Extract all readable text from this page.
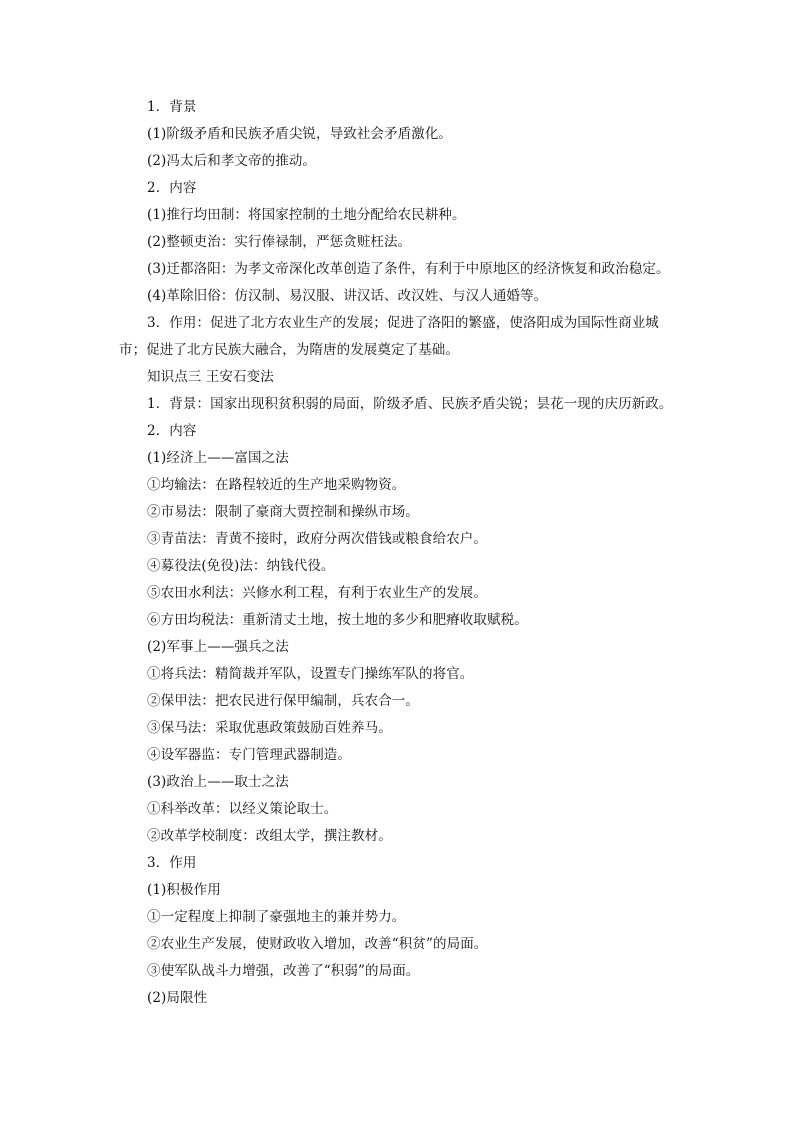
1．背景
(1)阶级矛盾和民族矛盾尖锐，导致社会矛盾激化。
(2)冯太后和孝文帝的推动。
2．内容
(1)推行均田制：将国家控制的土地分配给农民耕种。
(2)整顿吏治：实行俸禄制，严惩贪赃枉法。
(3)迁都洛阳：为孝文帝深化改革创造了条件，有利于中原地区的经济恢复和政治稳定。
(4)革除旧俗：仿汉制、易汉服、讲汉话、改汉姓、与汉人通婚等。
3．作用：促进了北方农业生产的发展；促进了洛阳的繁盛，使洛阳成为国际性商业城市；促进了北方民族大融合，为隋唐的发展奠定了基础。
知识点三 王安石变法
1．背景：国家出现积贫积弱的局面，阶级矛盾、民族矛盾尖锐；昙花一现的庆历新政。
2．内容
(1)经济上——富国之法
①均输法：在路程较近的生产地采购物资。
②市易法：限制了豪商大贾控制和操纵市场。
③青苗法：青黄不接时，政府分两次借钱或粮食给农户。
④募役法(免役)法：纳钱代役。
⑤农田水利法：兴修水利工程，有利于农业生产的发展。
⑥方田均税法：重新清丈土地，按土地的多少和肥瘠收取赋税。
(2)军事上——强兵之法
①将兵法：精简裁并军队，设置专门操练军队的将官。
②保甲法：把农民进行保甲编制，兵农合一。
③保马法：采取优惠政策鼓励百姓养马。
④设军器监：专门管理武器制造。
(3)政治上——取士之法
①科举改革：以经义策论取士。
②改革学校制度：改组太学，撰注教材。
3．作用
(1)积极作用
①一定程度上抑制了豪强地主的兼并势力。
②农业生产发展，使财政收入增加，改善“积贫”的局面。
③使军队战斗力增强，改善了“积弱”的局面。
(2)局限性
